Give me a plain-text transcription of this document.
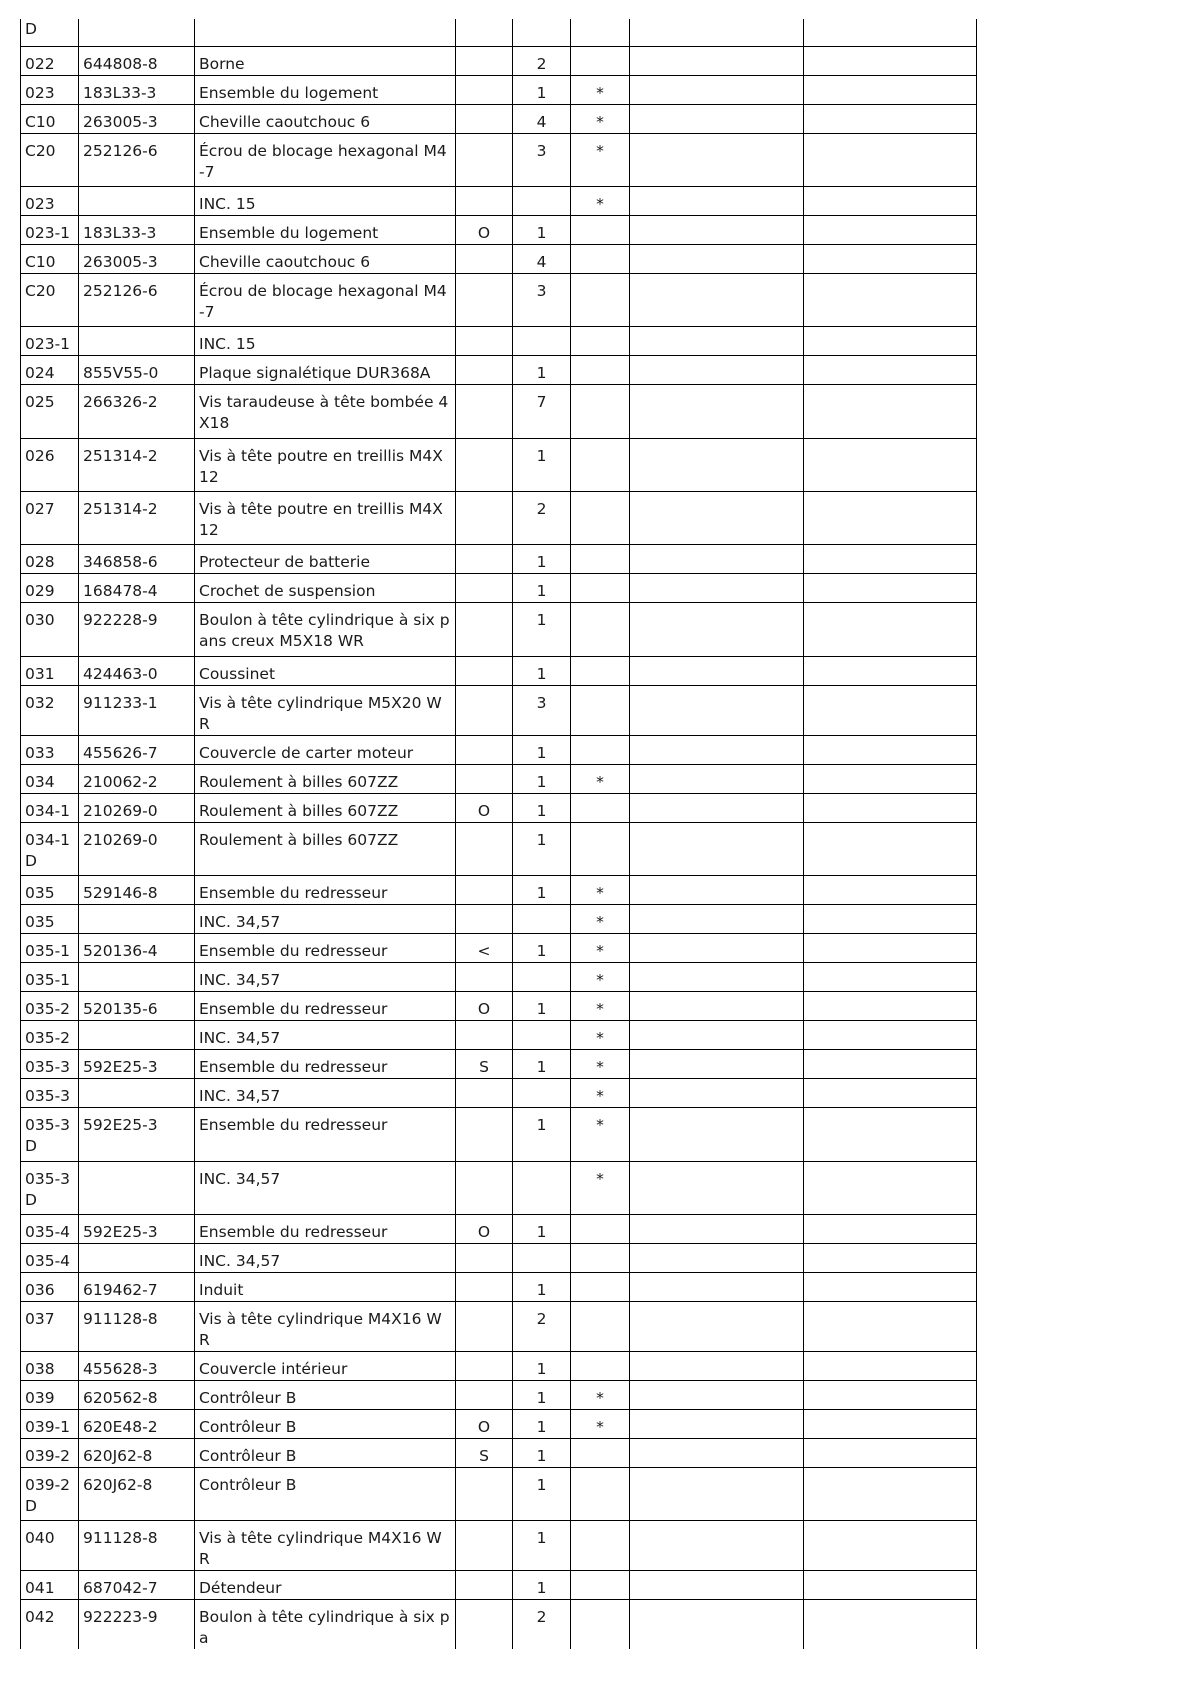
D							
022	644808-8	Borne		2			
023	183L33-3	Ensemble du logement		1	*		
C10	263005-3	Cheville caoutchouc 6		4	*		
C20	252126-6	Écrou de blocage hexagonal M4-7		3	*		
023		INC. 15			*		
023-1	183L33-3	Ensemble du logement	O	1			
C10	263005-3	Cheville caoutchouc 6		4			
C20	252126-6	Écrou de blocage hexagonal M4-7		3			
023-1		INC. 15					
024	855V55-0	Plaque signalétique DUR368A		1			
025	266326-2	Vis taraudeuse à tête bombée 4X18		7			
026	251314-2	Vis à tête poutre en treillis M4X12		1			
027	251314-2	Vis à tête poutre en treillis M4X12		2			
028	346858-6	Protecteur de batterie		1			
029	168478-4	Crochet de suspension		1			
030	922228-9	Boulon à tête cylindrique à six pans creux M5X18 WR		1			
031	424463-0	Coussinet		1			
032	911233-1	Vis à tête cylindrique M5X20 WR		3			
033	455626-7	Couvercle de carter moteur		1			
034	210062-2	Roulement à billes 607ZZ		1	*		
034-1	210269-0	Roulement à billes 607ZZ	O	1			
034-1D	210269-0	Roulement à billes 607ZZ		1			
035	529146-8	Ensemble du redresseur		1	*		
035		INC. 34,57			*		
035-1	520136-4	Ensemble du redresseur	<	1	*		
035-1		INC. 34,57			*		
035-2	520135-6	Ensemble du redresseur	O	1	*		
035-2		INC. 34,57			*		
035-3	592E25-3	Ensemble du redresseur	S	1	*		
035-3		INC. 34,57			*		
035-3D	592E25-3	Ensemble du redresseur		1	*		
035-3D		INC. 34,57			*		
035-4	592E25-3	Ensemble du redresseur	O	1			
035-4		INC. 34,57					
036	619462-7	Induit		1			
037	911128-8	Vis à tête cylindrique M4X16 WR		2			
038	455628-3	Couvercle intérieur		1			
039	620562-8	Contrôleur B		1	*		
039-1	620E48-2	Contrôleur B	O	1	*		
039-2	620J62-8	Contrôleur B	S	1			
039-2D	620J62-8	Contrôleur B		1			
040	911128-8	Vis à tête cylindrique M4X16 WR		1			
041	687042-7	Détendeur		1			
042	922223-9	Boulon à tête cylindrique à six pa		2			
